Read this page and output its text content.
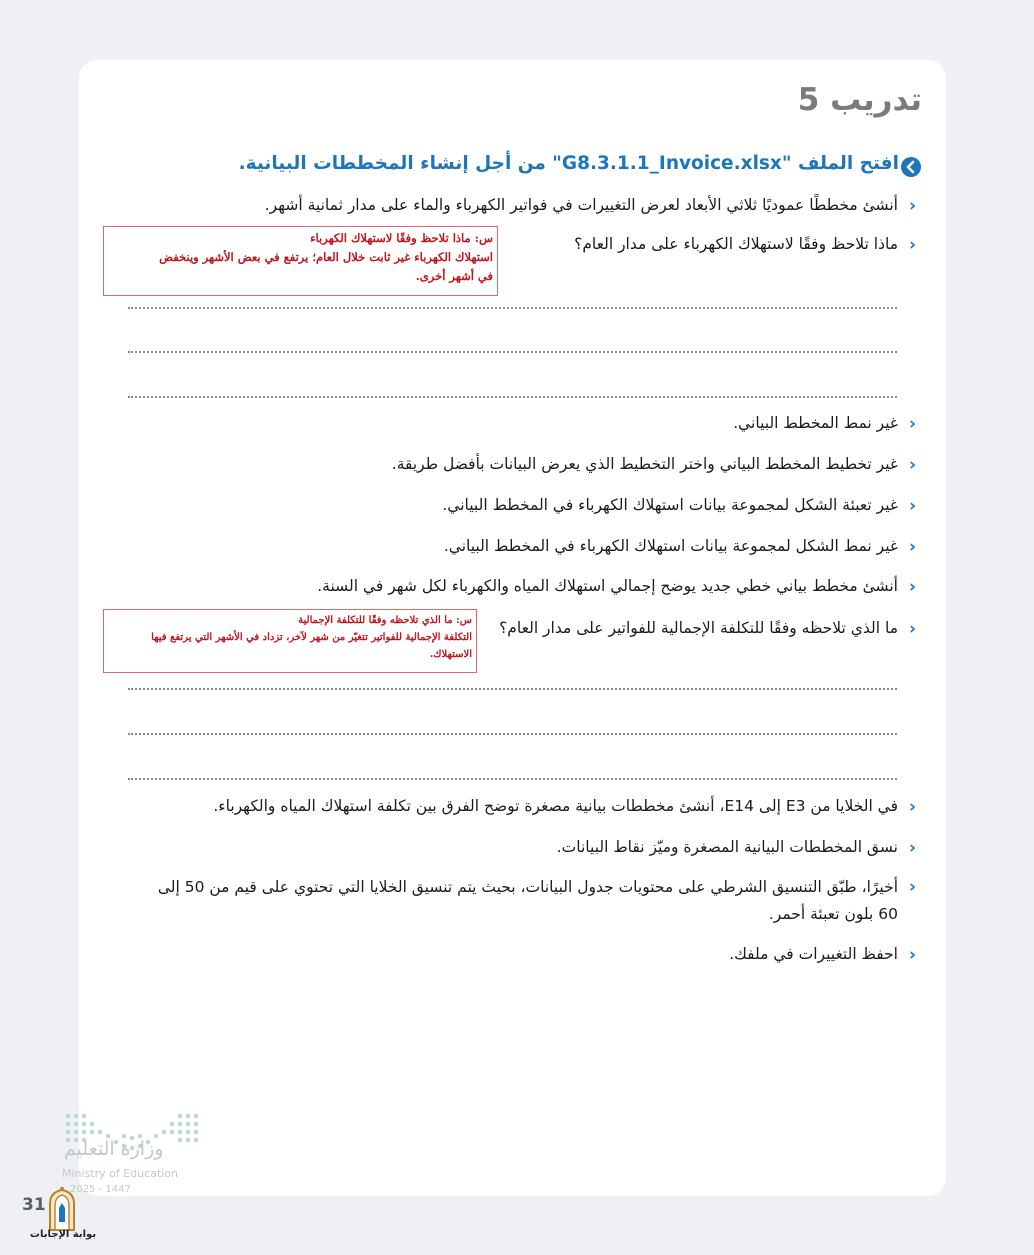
تدريب 5
افتح الملف "G8.3.1.1_Invoice.xlsx" من أجل إنشاء المخططات البيانية.
›
أنشئ مخططًا عموديًا ثلاثي الأبعاد لعرض التغييرات في فواتير الكهرباء والماء على مدار ثمانية أشهر.
›
ماذا تلاحظ وفقًا لاستهلاك الكهرباء على مدار العام؟
س: ماذا تلاحظ وفقًا لاستهلاك الكهرباء
استهلاك الكهرباء غير ثابت خلال العام؛ يرتفع في بعض الأشهر وينخفض
في أشهر أخرى.
›
غير نمط المخطط البياني.
›
غير تخطيط المخطط البياني واختر التخطيط الذي يعرض البيانات بأفضل طريقة.
›
غير تعبئة الشكل لمجموعة بيانات استهلاك الكهرباء في المخطط البياني.
›
غير نمط الشكل لمجموعة بيانات استهلاك الكهرباء في المخطط البياني.
›
أنشئ مخطط بياني خطي جديد يوضح إجمالي استهلاك المياه والكهرباء لكل شهر في السنة.
›
ما الذي تلاحظه وفقًا للتكلفة الإجمالية للفواتير على مدار العام؟
س: ما الذي تلاحظه وفقًا للتكلفة الإجمالية
التكلفة الإجمالية للفواتير تتغيّر من شهر لآخر، تزداد في الأشهر التي يرتفع فيها
الاستهلاك.
›
في الخلايا من E3 إلى E14، أنشئ مخططات بيانية مصغرة توضح الفرق بين تكلفة استهلاك المياه والكهرباء.
›
نسق المخططات البيانية المصغرة وميّز نقاط البيانات.
›
أخيرًا، طبّق التنسيق الشرطي على محتويات جدول البيانات، بحيث يتم تنسيق الخلايا التي تحتوي على قيم من 50 إلى 60 بلون تعبئة أحمر.
›
احفظ التغييرات في ملفك.
وزارة التعليم
Ministry of Education
2025 - 1447
31
بوابة الإجابات
